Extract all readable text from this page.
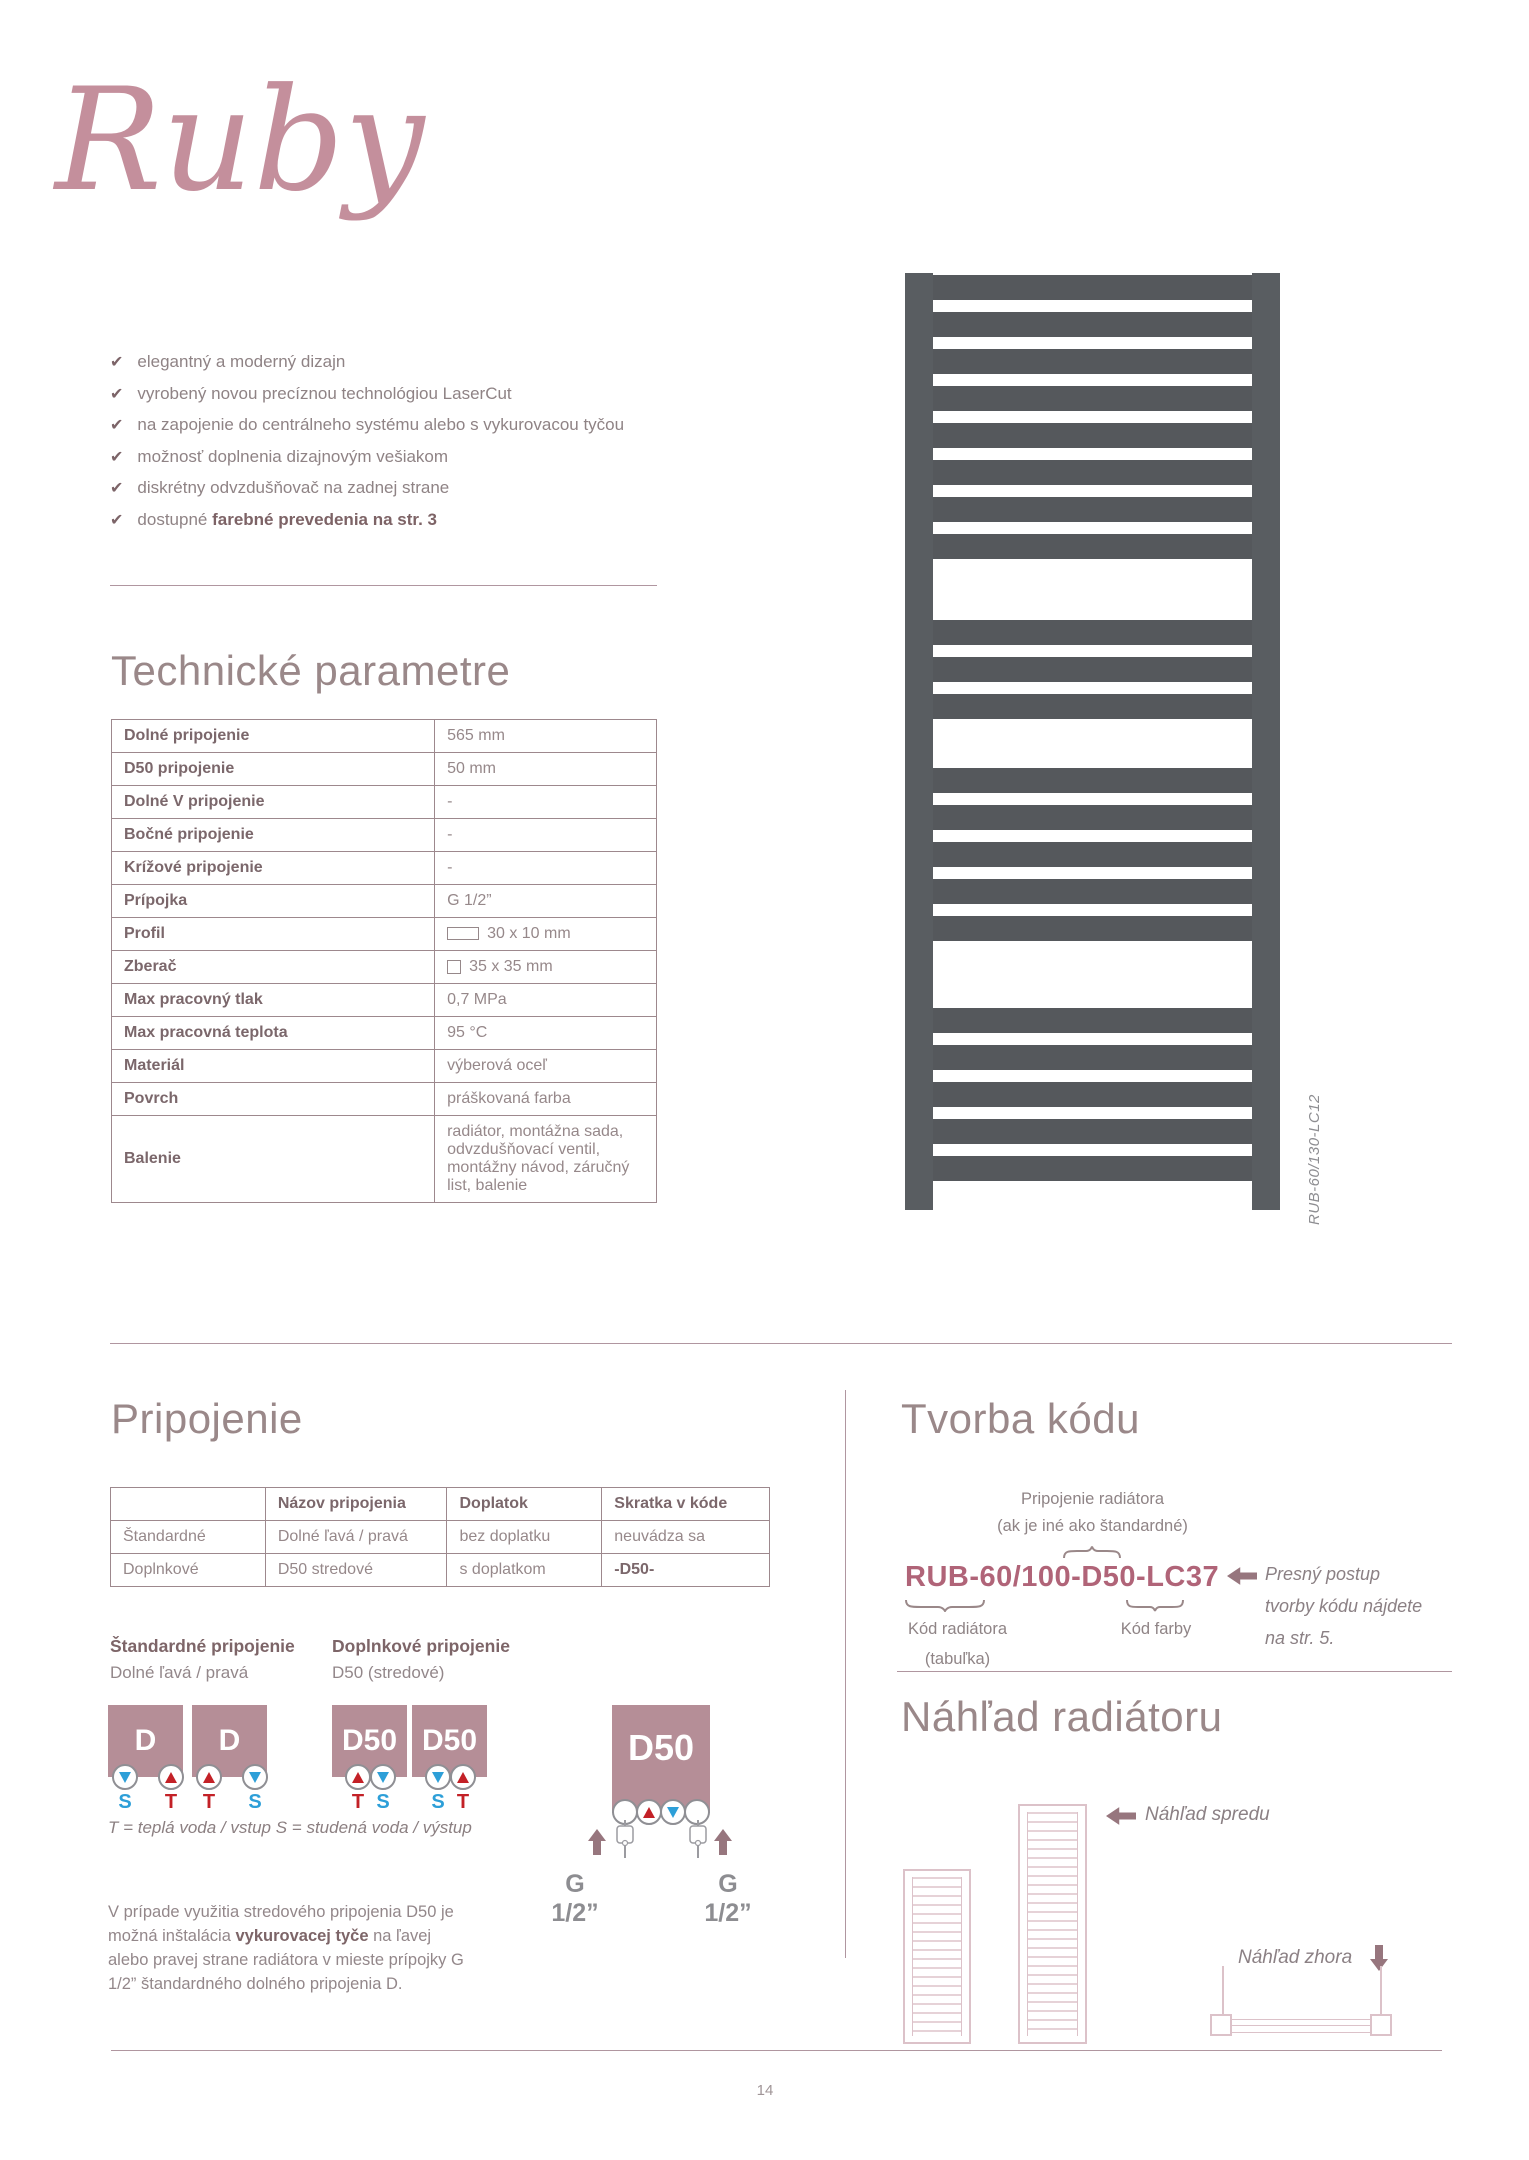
Ruby
✔ elegantný a moderný dizajn
✔ vyrobený novou precíznou technológiou LaserCut
✔ na zapojenie do centrálneho systému alebo s vykurovacou tyčou
✔ možnosť doplnenia dizajnovým vešiakom
✔ diskrétny odvzdušňovač na zadnej strane
✔ dostupné farebné prevedenia na str. 3
Technické parametre
Dolné pripojenie	565 mm
D50 pripojenie	50 mm
Dolné V pripojenie	-
Bočné pripojenie	-
Krížové pripojenie	-
Prípojka	G 1/2”
Profil	30 x 10 mm
Zberač	35 x 35 mm
Max pracovný tlak	0,7 MPa
Max pracovná teplota	95 °C
Materiál	výberová oceľ
Povrch	práškovaná farba
Balenie	radiátor, montážna sada, odvzdušňovací ventil, montážny návod, záručný list, balenie	RUB-60/130-LC12
Pripojenie
	Názov pripojenia	Doplatok	Skratka v kóde
Štandardné	Dolné ľavá / pravá	bez doplatku	neuvádza sa
Doplnkové	D50 stredové	s doplatkom	-D50-
Štandardné pripojenie
Dolné ľavá / pravá
Doplnkové pripojenie
D50 (stredové)
D
S	T
D
T	S
D50
T S
D50
S T
T = teplá voda / vstup S = studená voda / výstup
D50
G 1/2”
G 1/2”
V prípade využitia stredového pripojenia D50 je možná inštalácia vykurovacej tyče na ľavej alebo pravej strane radiátora v mieste prípojky G 1/2” štandardného dolného pripojenia D.
Tvorba kódu
Pripojenie radiátora
(ak je iné ako štandardné)
RUB-60/100-D50-LC37
Kód radiátora
(tabuľka)
Kód farby
Presný postup
tvorby kódu nájdete
na str. 5.
Náhľad radiátoru
Náhľad spredu
Náhľad zhora
14
